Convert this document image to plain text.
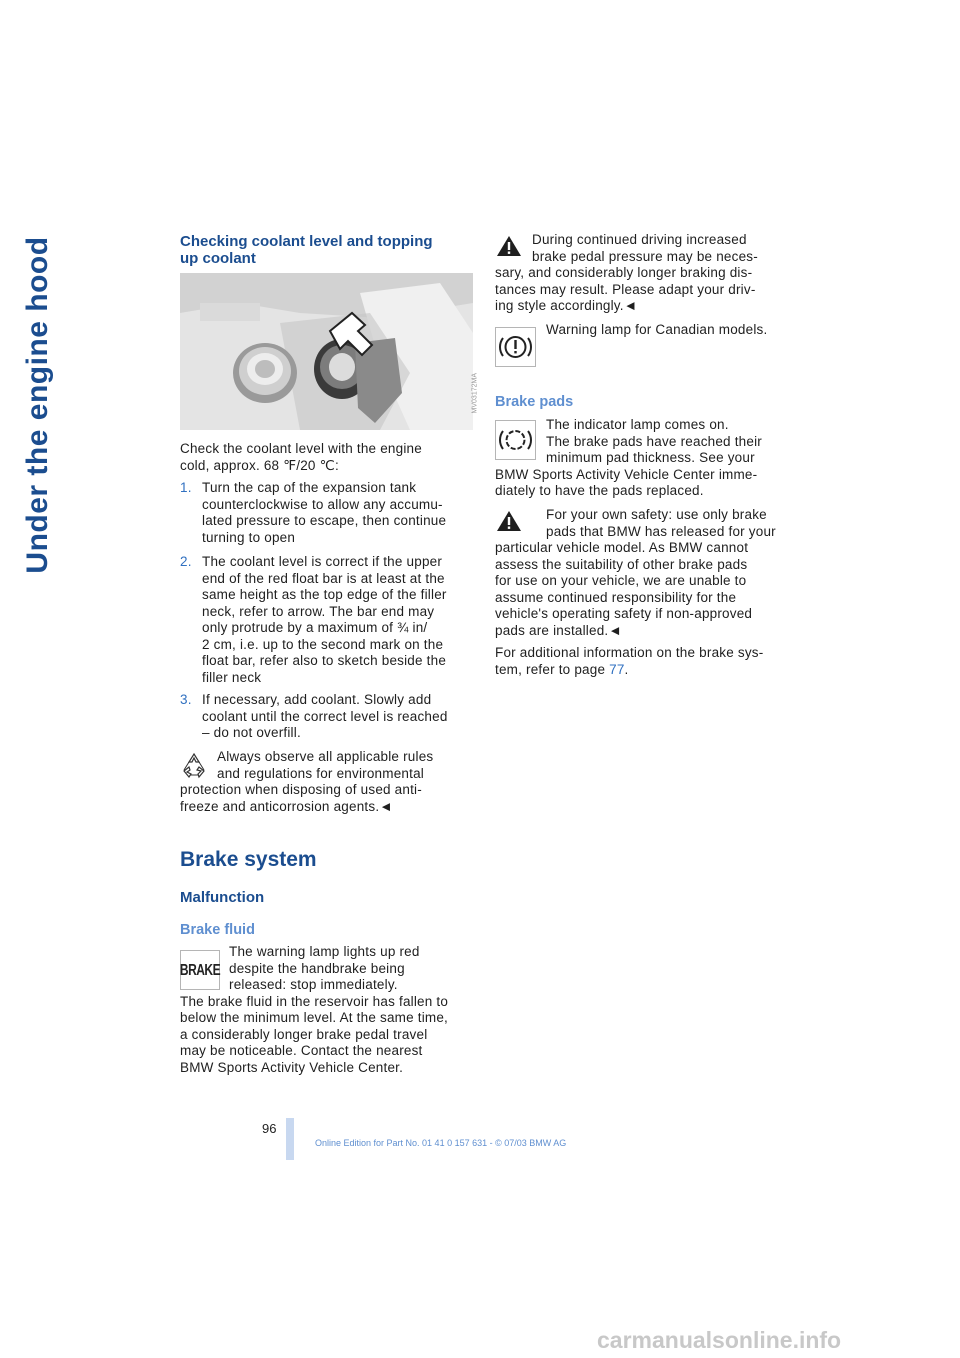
Under the engine hood	Checking coolant level and topping
up coolant
MV03172MA
Check the coolant level with the engine
cold, approx. 68 ℉/20 ℃:
1. Turn the cap of the expansion tank
counterclockwise to allow any accumu-
lated pressure to escape, then continue
turning to open
2. The coolant level is correct if the upper
end of the red float bar is at least at the
same height as the top edge of the filler
neck, refer to arrow. The bar end may
only protrude by a maximum of ¾ in/
2 cm, i.e. up to the second mark on the
float bar, refer also to sketch beside the
filler neck
3. If necessary, add coolant. Slowly add
coolant until the correct level is reached
– do not overfill.
Always observe all applicable rules
and regulations for environmental
protection when disposing of used anti-
freeze and anticorrosion agents.◄
Brake system
Malfunction
Brake fluid
BRAKE
The warning lamp lights up red
despite the handbrake being
released: stop immediately.
The brake fluid in the reservoir has fallen to
below the minimum level. At the same time,
a considerably longer brake pedal travel
may be noticeable. Contact the nearest
BMW Sports Activity Vehicle Center.
During continued driving increased
brake pedal pressure may be neces-
sary, and considerably longer braking dis-
tances may result. Please adapt your driv-
ing style accordingly.◄
Warning lamp for Canadian models.
Brake pads
The indicator lamp comes on.
The brake pads have reached their
minimum pad thickness. See your
BMW Sports Activity Vehicle Center imme-
diately to have the pads replaced.
For your own safety: use only brake
pads that BMW has released for your
particular vehicle model. As BMW cannot
assess the suitability of other brake pads
for use on your vehicle, we are unable to
assume continued responsibility for the
vehicle's operating safety if non-approved
pads are installed.◄
For additional information on the brake sys-
tem, refer to page 77.
96
Online Edition for Part No. 01 41 0 157 631 - © 07/03 BMW AG
carmanualsonline.info
